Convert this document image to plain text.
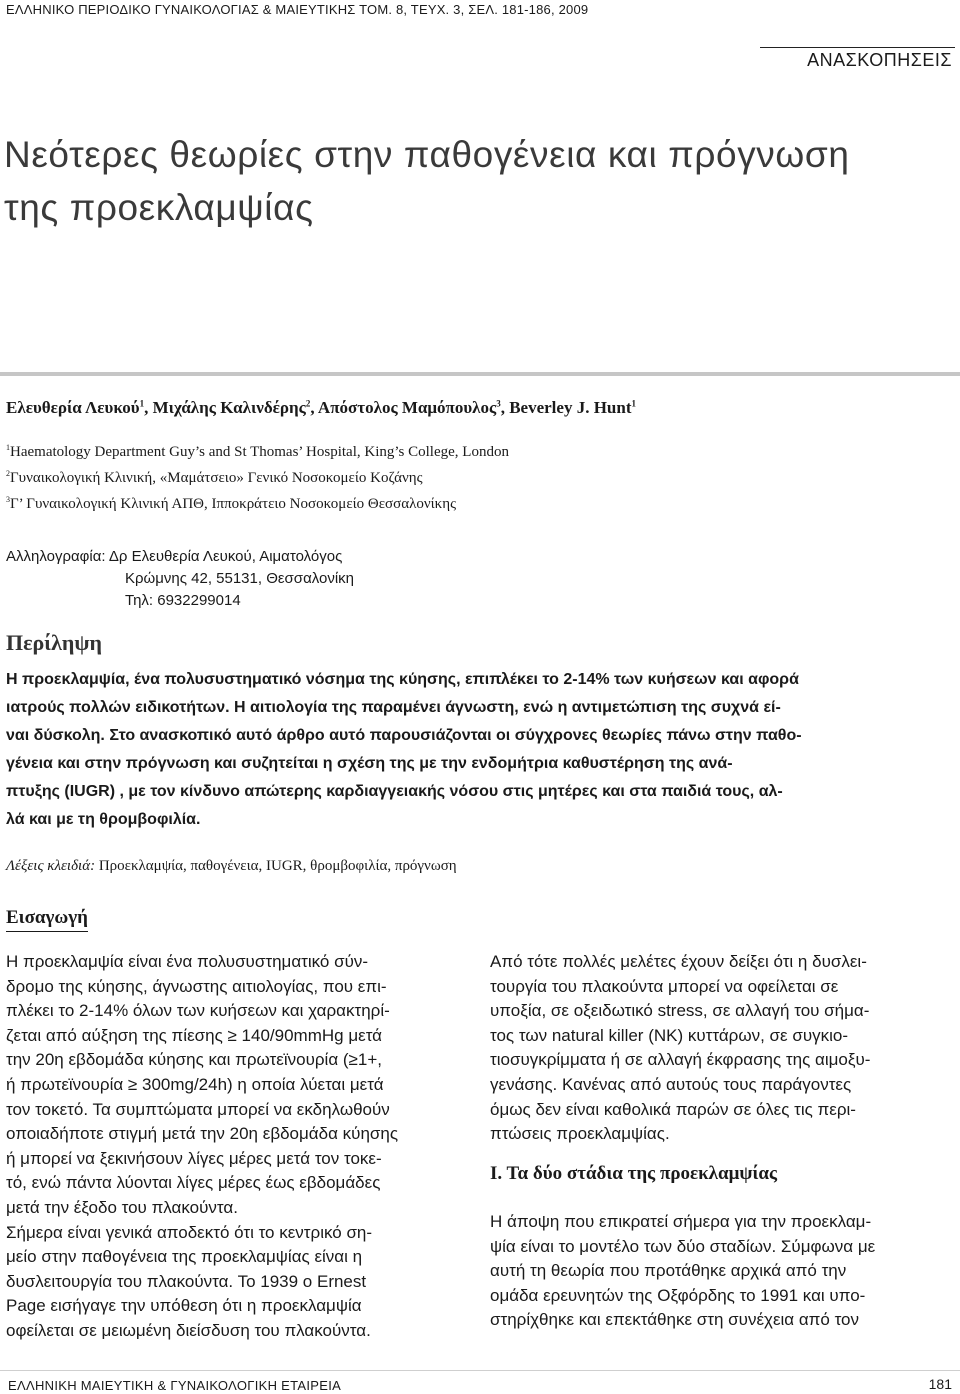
ΕΛΛΗΝΙΚΟ ΠΕΡΙΟΔΙΚΟ ΓΥΝΑΙΚΟΛΟΓΙΑΣ & ΜΑΙΕΥΤΙΚΗΣ ΤΟΜ. 8, ΤΕΥΧ. 3, ΣΕΛ. 181-186, 2009
ΑΝΑΣΚΟΠΗΣΕΙΣ
Νεότερες θεωρίες στην παθογένεια και πρόγνωση
της προεκλαμψίας
Ελευθερία Λευκού$^1$, Μιχάλης Καλινδέρης$^2$, Απόστολος Μαμόπουλος$^3$, Beverley J. Hunt$^1$
$^1$Haematology Department Guy’s and St Thomas’ Hospital, King’s College, London
$^2$Γυναικολογική Κλινική, «Μαμάτσειο» Γενικό Νοσοκομείο Κοζάνης
$^3$Γ’ Γυναικολογική Κλινική ΑΠΘ, Ιπποκράτειο Νοσοκομείο Θεσσαλονίκης
Αλληλογραφία: Δρ Ελευθερία Λευκού, Αιματολόγος
Κρώμνης 42, 55131, Θεσσαλονίκη
Τηλ: 6932299014
Περίληψη
Η προεκλαμψία, ένα πολυσυστηματικό νόσημα της κύησης, επιπλέκει το 2-14% των κυήσεων και αφορά
ιατρούς πολλών ειδικοτήτων. Η αιτιολογία της παραμένει άγνωστη, ενώ η αντιμετώπιση της συχνά εί-
ναι δύσκολη. Στο ανασκοπικό αυτό άρθρο αυτό παρουσιάζονται οι σύγχρονες θεωρίες πάνω στην παθο-
γένεια και στην πρόγνωση και συζητείται η σχέση της με την ενδομήτρια καθυστέρηση της ανά-
πτυξης (IUGR) , με τον κίνδυνο απώτερης καρδιαγγειακής νόσου στις μητέρες και στα παιδιά τους, αλ-
λά και με τη θρομβοφιλία.
Λέξεις κλειδιά: Προεκλαμψία, παθογένεια, IUGR, θρομβοφιλία, πρόγνωση
Εισαγωγή
Η προεκλαμψία είναι ένα πολυσυστηματικό σύν-
δρομο της κύησης, άγνωστης αιτιολογίας, που επι-
πλέκει το 2-14% όλων των κυήσεων και χαρακτηρί-
ζεται από αύξηση της πίεσης ≥ 140/90mmHg μετά
την 20η εβδομάδα κύησης και πρωτεϊνουρία (≥1+,
ή πρωτεϊνουρία ≥ 300mg/24h) η οποία λύεται μετά
τον τοκετό. Τα συμπτώματα μπορεί να εκδηλωθούν
οποιαδήποτε στιγμή μετά την 20η εβδομάδα κύησης
ή μπορεί να ξεκινήσουν λίγες μέρες μετά τον τοκε-
τό, ενώ πάντα λύονται λίγες μέρες έως εβδομάδες
μετά την έξοδο του πλακούντα.
Σήμερα είναι γενικά αποδεκτό ότι το κεντρικό ση-
μείο στην παθογένεια της προεκλαμψίας είναι η
δυσλειτουργία του πλακούντα. Το 1939 ο Ernest
Page εισήγαγε την υπόθεση ότι η προεκλαμψία
οφείλεται σε μειωμένη διείσδυση του πλακούντα.
Από τότε πολλές μελέτες έχουν δείξει ότι η δυσλει-
τουργία του πλακούντα μπορεί να οφείλεται σε
υποξία, σε οξειδωτικό stress, σε αλλαγή του σήμα-
τος των natural killer (NK) κυττάρων, σε συγκιο-
τιοσυγκρίμματα ή σε αλλαγή έκφρασης της αιμοξυ-
γενάσης. Κανένας από αυτούς τους παράγοντες
όμως δεν είναι καθολικά παρών σε όλες τις περι-
πτώσεις προεκλαμψίας.
Ι. Τα δύο στάδια της προεκλαμψίας
Η άποψη που επικρατεί σήμερα για την προεκλαμ-
ψία είναι το μοντέλο των δύο σταδίων. Σύμφωνα με
αυτή τη θεωρία που προτάθηκε αρχικά από την
ομάδα ερευνητών της Οξφόρδης το 1991 και υπο-
στηρίχθηκε και επεκτάθηκε στη συνέχεια από τον
ΕΛΛΗΝΙΚΗ ΜΑΙΕΥΤΙΚΗ & ΓΥΝΑΙΚΟΛΟΓΙΚΗ ΕΤΑΙΡΕΙΑ	181
